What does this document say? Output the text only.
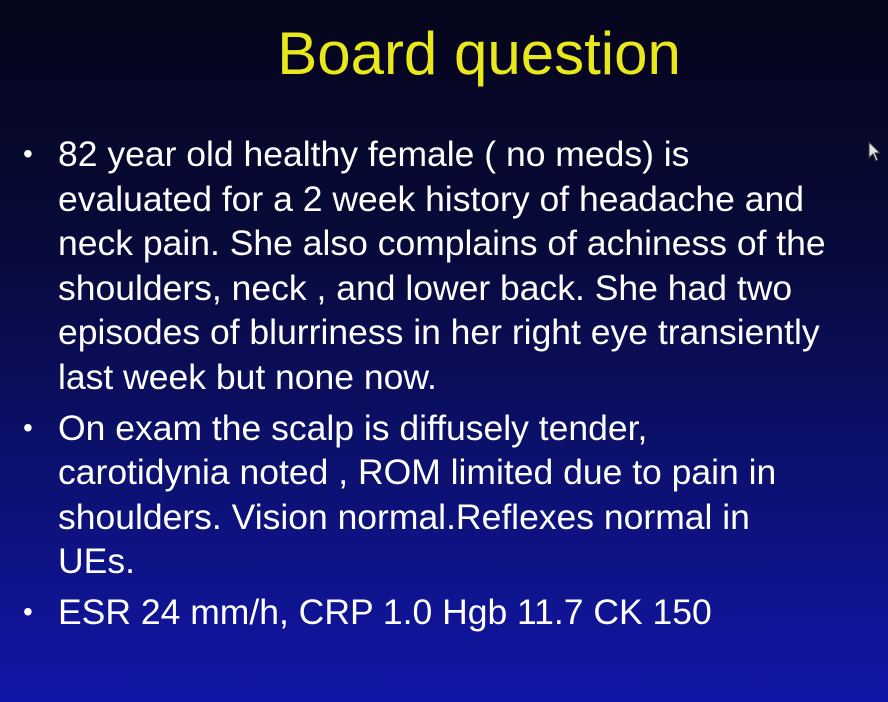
Board question
• 82 year old healthy female ( no meds) is
evaluated for a 2 week history of headache and
neck pain. She also complains of achiness of the
shoulders, neck , and lower back. She had two
episodes of blurriness in her right eye transiently
last week but none now.
• On exam the scalp is diffusely tender,
carotidynia noted , ROM limited due to pain in
shoulders. Vision normal.Reflexes normal in
UEs.
• ESR 24 mm/h, CRP 1.0 Hgb 11.7 CK 150
